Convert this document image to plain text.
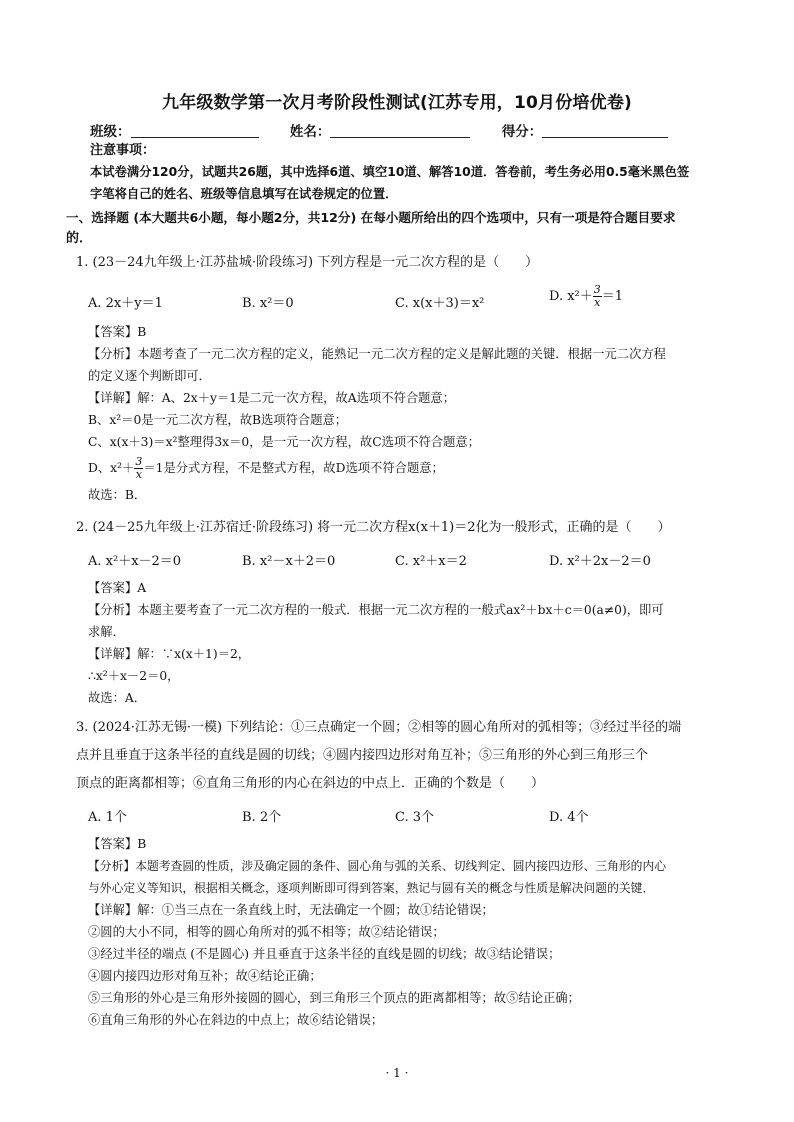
九年级数学第一次月考阶段性测试(江苏专用，10月份培优卷)
班级：	姓名：	得分：
注意事项：
本试卷满分120分，试题共26题，其中选择6道、填空10道、解答10道．答卷前，考生务必用0.5毫米黑色签
字笔将自己的姓名、班级等信息填写在试卷规定的位置．
一、选择题 (本大题共6小题，每小题2分，共12分) 在每小题所给出的四个选项中，只有一项是符合题目要求
的．
1. (23－24九年级上·江苏盐城·阶段练习) 下列方程是一元二次方程的是（　　）
A. 2x＋y＝1	B. x²＝0	C. x(x＋3)＝x²	D. $x^2+ \frac{3}{x} =1$
【答案】B
【分析】本题考查了一元二次方程的定义，能熟记一元二次方程的定义是解此题的关键．根据一元二次方程
的定义逐个判断即可．
【详解】解：A、2x＋y＝1是二元一次方程，故A选项不符合题意；
B、x²＝0是一元二次方程，故B选项符合题意；
C、x(x＋3)＝x²整理得3x＝0，是一元一次方程，故C选项不符合题意；
D、$x^2+ \frac{3}{x} =1$是分式方程，不是整式方程，故D选项不符合题意；
故选：B．
2. (24－25九年级上·江苏宿迁·阶段练习) 将一元二次方程x(x＋1)＝2化为一般形式，正确的是（　　）
A. x²＋x－2＝0	B. x²－x＋2＝0	C. x²＋x＝2	D. x²＋2x－2＝0
【答案】A
【分析】本题主要考查了一元二次方程的一般式．根据一元二次方程的一般式ax²＋bx＋c＝0(a≠0)，即可
求解．
【详解】解：∵x(x＋1)＝2，
∴x²＋x－2＝0，
故选：A．
3. (2024·江苏无锡·一模) 下列结论：①三点确定一个圆；②相等的圆心角所对的弧相等；③经过半径的端
点并且垂直于这条半径的直线是圆的切线；④圆内接四边形对角互补；⑤三角形的外心到三角形三个
顶点的距离都相等；⑥直角三角形的内心在斜边的中点上．正确的个数是（　　）
A. 1个	B. 2个	C. 3个	D. 4个
【答案】B
【分析】本题考查圆的性质，涉及确定圆的条件、圆心角与弧的关系、切线判定、圆内接四边形、三角形的内心
与外心定义等知识，根据相关概念，逐项判断即可得到答案，熟记与圆有关的概念与性质是解决问题的关键．
【详解】解：①当三点在一条直线上时，无法确定一个圆；故①结论错误；
②圆的大小不同，相等的圆心角所对的弧不相等；故②结论错误；
③经过半径的端点 (不是圆心) 并且垂直于这条半径的直线是圆的切线；故③结论错误；
④圆内接四边形对角互补；故④结论正确；
⑤三角形的外心是三角形外接圆的圆心，到三角形三个顶点的距离都相等；故⑤结论正确；
⑥直角三角形的外心在斜边的中点上；故⑥结论错误；
· 1 ·
